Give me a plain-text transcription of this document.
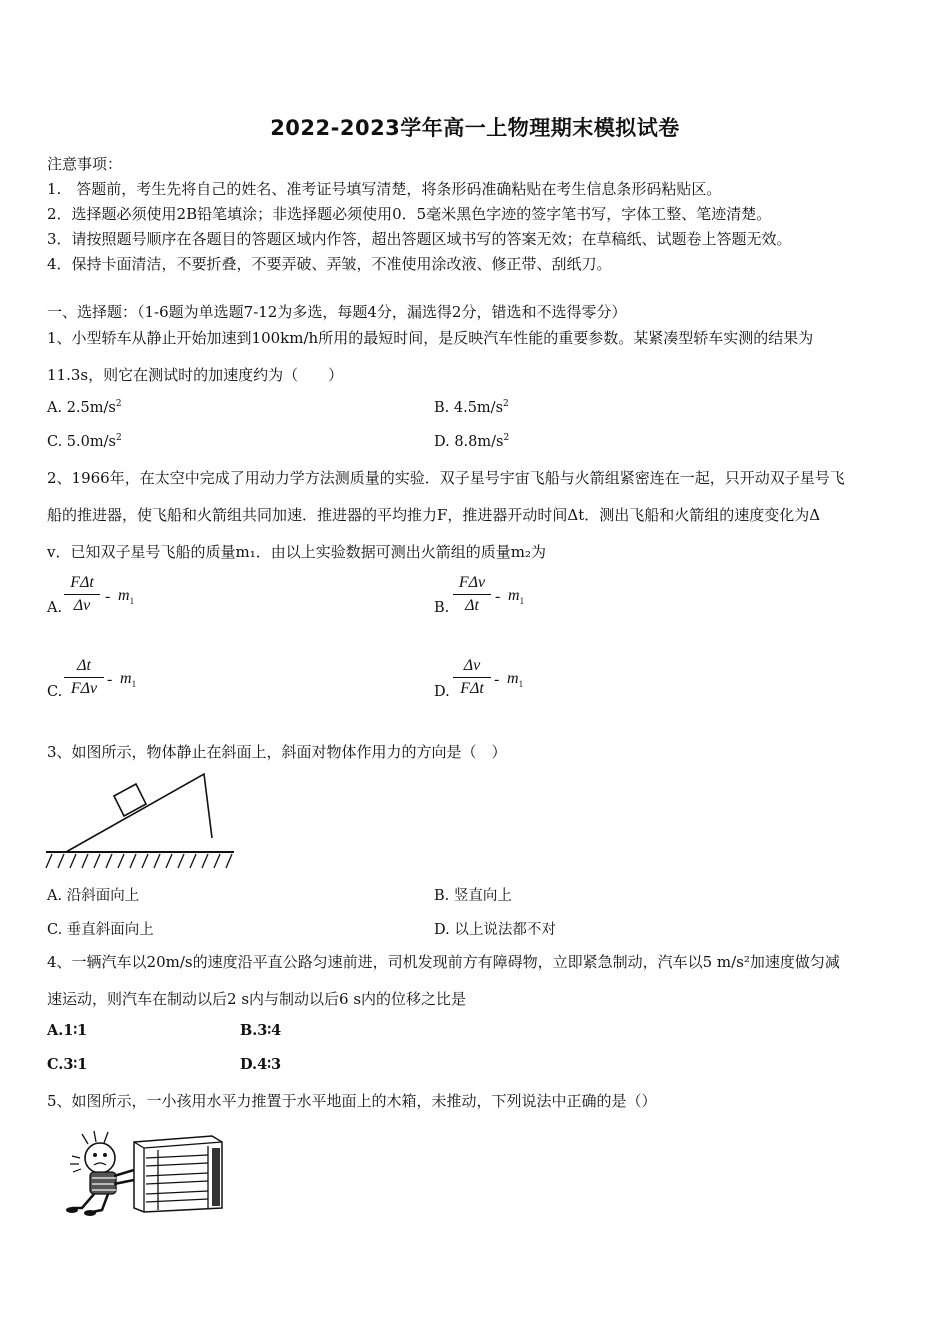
2022-2023学年高一上物理期末模拟试卷
注意事项：
1.　答题前，考生先将自己的姓名、准考证号填写清楚，将条形码准确粘贴在考生信息条形码粘贴区。
2．选择题必须使用2B铅笔填涂；非选择题必须使用0．5毫米黑色字迹的签字笔书写，字体工整、笔迹清楚。
3．请按照题号顺序在各题目的答题区域内作答，超出答题区域书写的答案无效；在草稿纸、试题卷上答题无效。
4．保持卡面清洁，不要折叠，不要弄破、弄皱，不准使用涂改液、修正带、刮纸刀。
一、选择题：（1-6题为单选题7-12为多选，每题4分，漏选得2分，错选和不选得零分）
1、小型轿车从静止开始加速到100km/h所用的最短时间，是反映汽车性能的重要参数。某紧凑型轿车实测的结果为
11.3s，则它在测试时的加速度约为（　　）
A. $2.5m/s^2$	B. $4.5m/s^2$
C. $5.0m/s^2$	D. $8.8m/s^2$
2、1966年，在太空中完成了用动力学方法测质量的实验．双子星号宇宙飞船与火箭组紧密连在一起，只开动双子星号飞
船的推进器，使飞船和火箭组共同加速．推进器的平均推力F，推进器开动时间Δt．测出飞船和火箭组的速度变化为Δ
v．已知双子星号飞船的质量m₁．由以上实验数据可测出火箭组的质量m₂为
A.
FΔt
Δv
- $m_1$	B.
FΔv
Δt
- $m_1$
C.
Δt
FΔv
- $m_1$	D.
Δv
FΔt
- $m_1$
3、如图所示，物体静止在斜面上，斜面对物体作用力的方向是（　）
A. 沿斜面向上	B. 竖直向上
C. 垂直斜面向上	D. 以上说法都不对
4、一辆汽车以20m/s的速度沿平直公路匀速前进，司机发现前方有障碍物，立即紧急制动，汽车以5 m/s²加速度做匀减
速运动，则汽车在制动以后2 s内与制动以后6 s内的位移之比是
A.1∶1	B.3∶4
C.3∶1	D.4∶3
5、如图所示，一小孩用水平力推置于水平地面上的木箱，未推动，下列说法中正确的是（）
